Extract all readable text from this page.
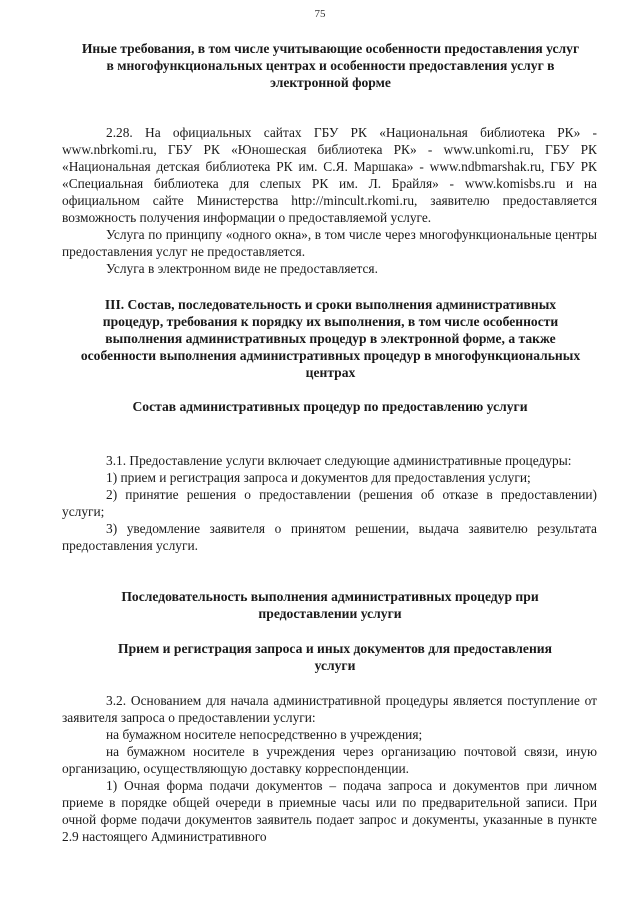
75
Иные требования, в том числе учитывающие особенности предоставления услуг в многофункциональных центрах и особенности предоставления услуг в электронной форме

2.28. На официальных сайтах ГБУ РК «Национальная библиотека РК» - www.nbrkomi.ru, ГБУ РК «Юношеская библиотека РК» - www.unkomi.ru, ГБУ РК «Национальная детская библиотека РК им. С.Я. Маршака» - www.ndbmarshak.ru, ГБУ РК «Специальная библиотека для слепых РК им. Л. Брайля» - www.komisbs.ru и на официальном сайте Министерства http://mincult.rkomi.ru, заявителю предоставляется возможность получения информации о предоставляемой услуге.

Услуга по принципу «одного окна», в том числе через многофункциональные центры предоставления услуг не предоставляется.

Услуга в электронном виде не предоставляется.

III. Состав, последовательность и сроки выполнения административных процедур, требования к порядку их выполнения, в том числе особенности выполнения административных процедур в электронной форме, а также особенности выполнения административных процедур в многофункциональных центрах
Состав административных процедур по предоставлению услуги

3.1. Предоставление услуги включает следующие административные процедуры:

1) прием и регистрация запроса и документов для предоставления услуги;

2) принятие решения о предоставлении (решения об отказе в предоставлении) услуги;

3) уведомление заявителя о принятом решении, выдача заявителю результата предоставления услуги.

Последовательность выполнения административных процедур при предоставлении услуги
Прием и регистрация запроса и иных документов для предоставления услуги

3.2. Основанием для начала административной процедуры является поступление от заявителя запроса о предоставлении услуги:

на бумажном носителе непосредственно в учреждения;

на бумажном носителе в учреждения через организацию почтовой связи, иную организацию, осуществляющую доставку корреспонденции.

1) Очная форма подачи документов – подача запроса и документов при личном приеме в порядке общей очереди в приемные часы или по предварительной записи. При очной форме подачи документов заявитель подает запрос и документы, указанные в пункте 2.9 настоящего Административного
